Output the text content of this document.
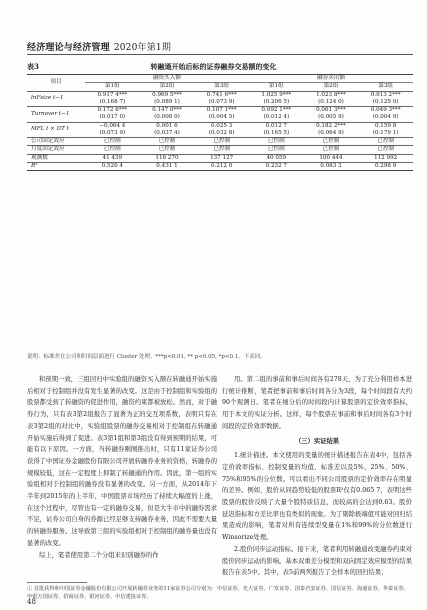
经济理论与经济管理 2020年第1期
表3	转融通开始后标的证券融券交易额的变化
项目	融资买入额			融券卖出额		
	第1组	第2组	第3组	第1组	第2组	第3组
lnFsize t−1	0.917 4***	0.969 5***	0.741 6***	1.025 9***	1.023 8***	0.913 2***
	(0.168 7)	(0.089 1)	(0.073 9)	(0.206 5)	(0.124 0)	(0.125 0)
Turnover t−1	0.172 6***	0.147 0***	0.107 1***	0.092 1***	0.061 3***	0.049 3***
	(0.017 0)	(0.008 0)	(0.004 5)	(0.012 4)	(0.005 9)	(0.004 9)
MFL t × DT t	−0.064 4	0.001 6	0.025 3	0.012 7	0.182 2***	0.159 8
	(0.073 9)	(0.037 4)	(0.032 8)	(0.165 5)	(0.064 9)	(0.179 1)
公司固定效应	已控制	已控制	已控制	已控制	已控制	已控制
月度固定效应	已控制	已控制	已控制	已控制	已控制	已控制
观测数	41 439	118 270	137 127	40 059	100 444	112 992
R²	0.520 4	0.431 1	0.212 0	0.232 7	0.083 3	0.298 9
说明：标准差在公司和时间层面进行 Cluster 处理。***p<0.01, ** p<0.05, *p<0.1。下表同。

和预期一致，三组回归中实验组的融资买入额在转融通开始实施后相对于控制组并没有发生显著的改变。这是由于控制组和实验组的股票都受到了转融资的促进作用，融资约束都被放松。然而，对于融券行为，只有表3第2组报告了显著为正的交互项系数，表明只有在表3第2组的对比中，实验组股票的融券交易相对于控制组在转融通开始实施后得到了促进。表3第1组和第3组没有得到预期的结果，可能有以下原因。一方面，当转融券刚刚推出时，只有11家证券公司获得了中国证券金融股份有限公司开展转融券业务的资格，转融券的规模较低，这在一定程度上抑制了转融通的作用。因此，第一组的实验组相对于控制组的融券没有显著的改变。另一方面，从2014年下半年到2015年的上半年，中国股票市场经历了持续大幅度的上涨，在这个过程中，尽管也有一定的融券交易，但是大牛市中的融券需求不足，证券公司自身的券源已经足够支持融券业务，因此不需要大量的转融券服务。这导致第三组的实验组相对于控制组的融券量也没有显著的改变。

综上，笔者使用第二个分组来识别融券的作

用。第二组的事前和事后时间各有278天，为了充分利用样本进行统计推断，笔者把事前和事后时间各分为3段，每个时间段有大约90个观测日。笔者在细分后的时间段内计算股票的定价效率指标，用于本文的实证分析。这样，每个股票在事前和事后时间各有3个时间段的定价效率数据。

（三）实证结果

1.统计描述。本文使用的变量的统计描述报告在表4中，包括各定价效率指标、控制变量的均值、标准差以及5%、25%、50%、75%和95%的分位数。可以看出不同公司股票的定价效率存在明显的差异。例如，股价从同趋势较低的股票R²仅有0.065 7，表明这些股票的股价反映了大量个股特质信息，而较高的会达到0.63。股价延迟指标和方差比率也有类似的现象。为了剔除极端值可能对回归结果造成的影响，笔者对所有连续型变量在1%和99%的分位数进行Winsorize处理。

2.股价同步运动指标。接下来，笔者利用转融通改变融券约束对股价同步运动的影响。基本双重差分模型和双向固定效应模型的结果报告在表5中。其中，表5前两列报告了全样本的回归结果；

① 首批获得和中国证券金融股份有限公司开展转融券业务的11家证券公司分别为：中信证券、光大证券、广发证券、国泰君安证券、国信证券、海通证券、华泰证券、申银万国证券、招商证券、银河证券、中信建投证券。
48
